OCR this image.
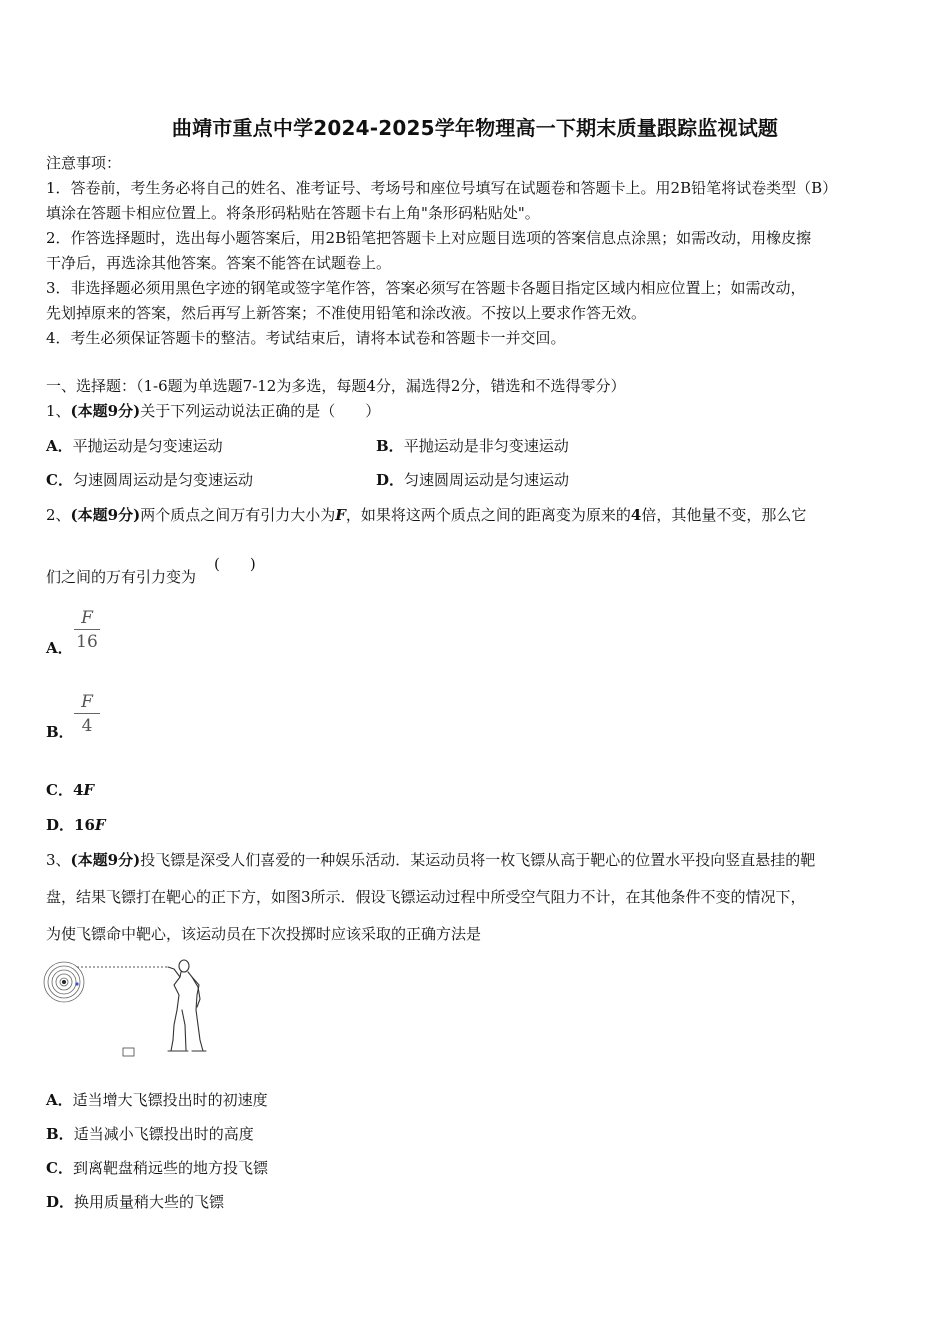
曲靖市重点中学2024-2025学年物理高一下期末质量跟踪监视试题
注意事项：
1．答卷前，考生务必将自己的姓名、准考证号、考场号和座位号填写在试题卷和答题卡上。用2B铅笔将试卷类型（B）
填涂在答题卡相应位置上。将条形码粘贴在答题卡右上角"条形码粘贴处"。
2．作答选择题时，选出每小题答案后，用2B铅笔把答题卡上对应题目选项的答案信息点涂黑；如需改动，用橡皮擦
干净后，再选涂其他答案。答案不能答在试题卷上。
3．非选择题必须用黑色字迹的钢笔或签字笔作答，答案必须写在答题卡各题目指定区域内相应位置上；如需改动，
先划掉原来的答案，然后再写上新答案；不准使用铅笔和涂改液。不按以上要求作答无效。
4．考生必须保证答题卡的整洁。考试结束后，请将本试卷和答题卡一并交回。
一、选择题：（1-6题为单选题7-12为多选，每题4分，漏选得2分，错选和不选得零分）
1、(本题9分)关于下列运动说法正确的是（　　）
A．平抛运动是匀变速运动	B．平抛运动是非匀变速运动
C．匀速圆周运动是匀变速运动	D．匀速圆周运动是匀速运动
2、(本题9分)两个质点之间万有引力大小为F，如果将这两个质点之间的距离变为原来的4倍，其他量不变，那么它
们之间的万有引力变为
(　　)
A．
F
16
B．
F
4
C．4F
D．16F
3、(本题9分)投飞镖是深受人们喜爱的一种娱乐活动．某运动员将一枚飞镖从高于靶心的位置水平投向竖直悬挂的靶
盘，结果飞镖打在靶心的正下方，如图3所示．假设飞镖运动过程中所受空气阻力不计，在其他条件不变的情况下，
为使飞镖命中靶心，该运动员在下次投掷时应该采取的正确方法是
A．适当增大飞镖投出时的初速度
B．适当减小飞镖投出时的高度
C．到离靶盘稍远些的地方投飞镖
D．换用质量稍大些的飞镖
